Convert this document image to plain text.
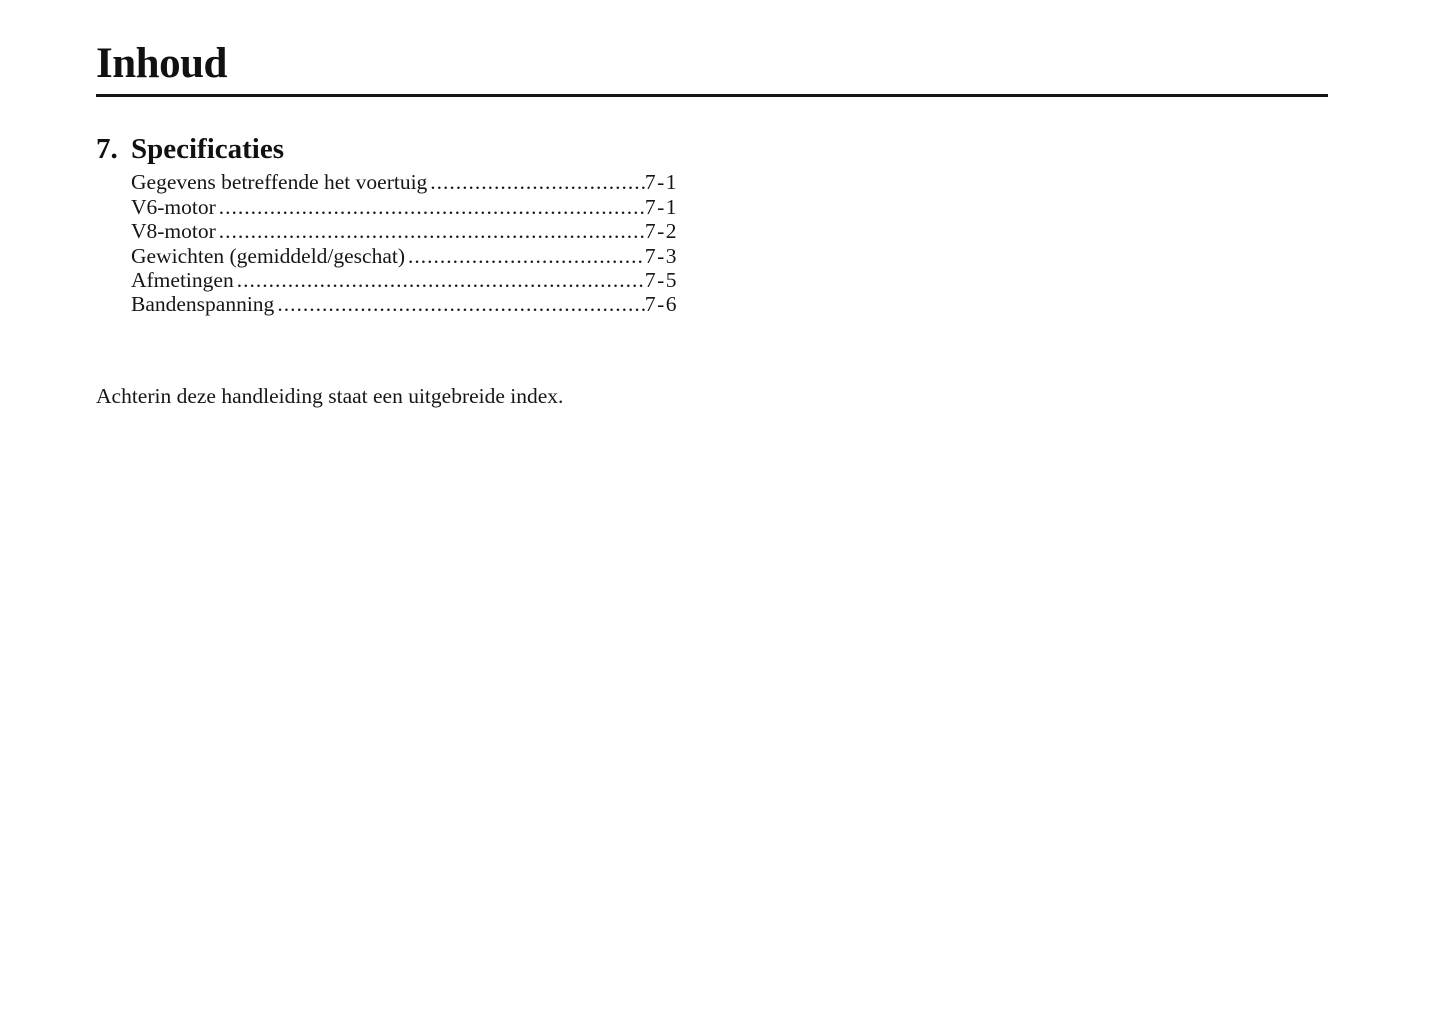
Inhoud
7. Specificaties
Gegevens betreffende het voertuig .....	7-1
V6-motor .....	7-1
V8-motor .....	7-2
Gewichten (gemiddeld/geschat) .....	7-3
Afmetingen .....	7-5
Bandenspanning .....	7-6

Achterin deze handleiding staat een uitgebreide index.
